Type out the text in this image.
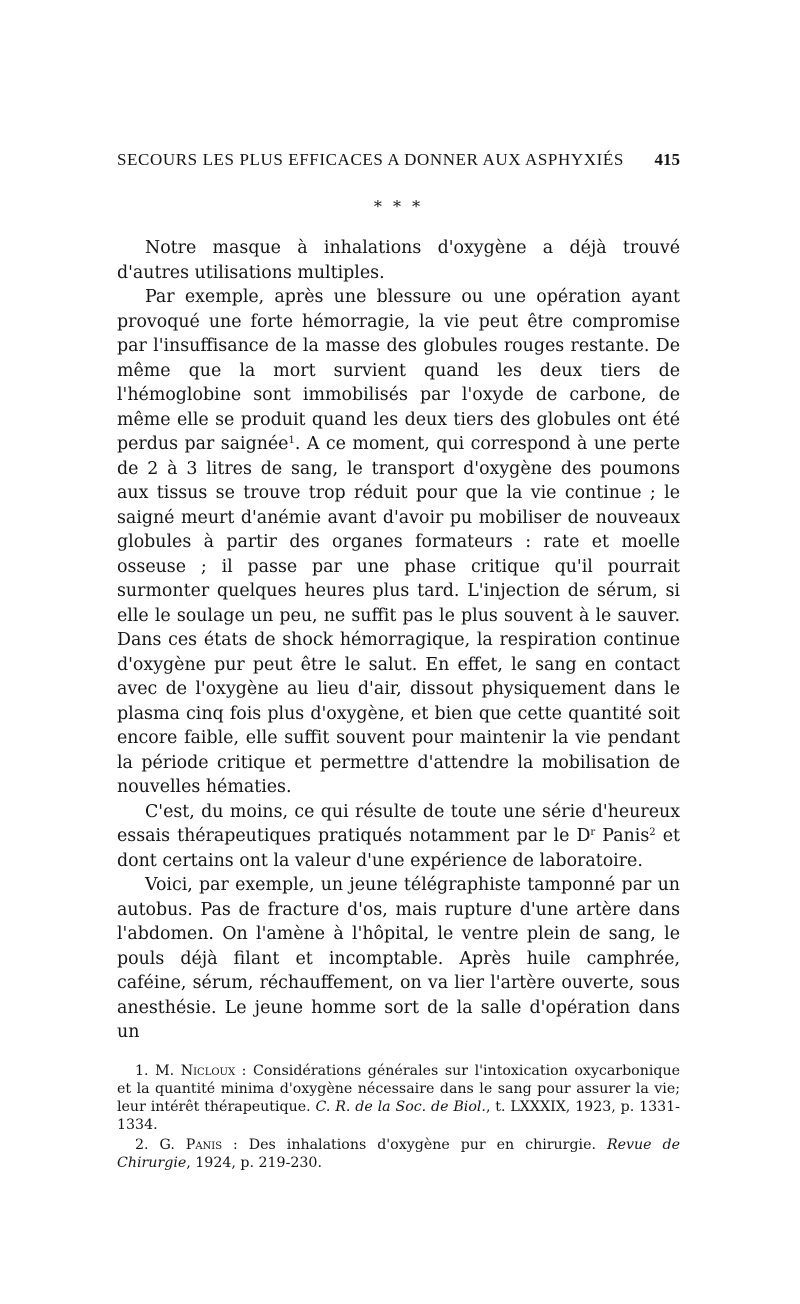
SECOURS LES PLUS EFFICACES A DONNER AUX ASPHYXIÉS 415
* * *

Notre masque à inhalations d'oxygène a déjà trouvé d'autres utilisations multiples.

Par exemple, après une blessure ou une opération ayant provoqué une forte hémorragie, la vie peut être compromise par l'insuffisance de la masse des globules rouges restante. De même que la mort survient quand les deux tiers de l'hémoglobine sont immobilisés par l'oxyde de carbone, de même elle se produit quand les deux tiers des globules ont été perdus par saignée$^1$. A ce moment, qui correspond à une perte de 2 à 3 litres de sang, le transport d'oxygène des poumons aux tissus se trouve trop réduit pour que la vie continue ; le saigné meurt d'anémie avant d'avoir pu mobiliser de nouveaux globules à partir des organes formateurs : rate et moelle osseuse ; il passe par une phase critique qu'il pourrait surmonter quelques heures plus tard. L'injection de sérum, si elle le soulage un peu, ne suffit pas le plus souvent à le sauver. Dans ces états de shock hémorragique, la respiration continue d'oxygène pur peut être le salut. En effet, le sang en contact avec de l'oxygène au lieu d'air, dissout physiquement dans le plasma cinq fois plus d'oxygène, et bien que cette quantité soit encore faible, elle suffit souvent pour maintenir la vie pendant la période critique et permettre d'attendre la mobilisation de nouvelles hématies.

C'est, du moins, ce qui résulte de toute une série d'heureux essais thérapeutiques pratiqués notamment par le $D^r$ Panis$^2$ et dont certains ont la valeur d'une expérience de laboratoire.

Voici, par exemple, un jeune télégraphiste tamponné par un autobus. Pas de fracture d'os, mais rupture d'une artère dans l'abdomen. On l'amène à l'hôpital, le ventre plein de sang, le pouls déjà filant et incomptable. Après huile camphrée, caféine, sérum, réchauffement, on va lier l'artère ouverte, sous anesthésie. Le jeune homme sort de la salle d'opération dans un

1. M. Nicloux : Considérations générales sur l'intoxication oxycarbonique et la quantité minima d'oxygène nécessaire dans le sang pour assurer la vie; leur intérêt thérapeutique. C. R. de la Soc. de Biol., t. LXXXIX, 1923, p. 1331-1334.

2. G. Panis : Des inhalations d'oxygène pur en chirurgie. Revue de Chirurgie, 1924, p. 219-230.
